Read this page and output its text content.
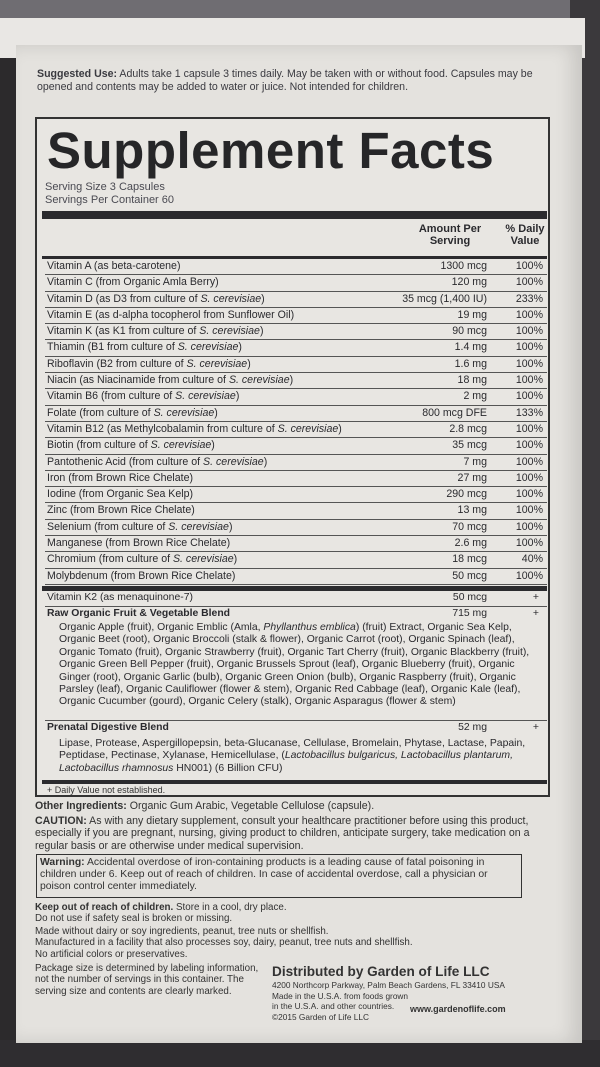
Suggested Use: Adults take 1 capsule 3 times daily. May be taken with or without food. Capsules may be opened and contents may be added to water or juice. Not intended for children.
Supplement Facts
Serving Size 3 Capsules
Servings Per Container 60
Amount Per Serving
% Daily Value
Vitamin A (as beta-carotene)	1300 mcg	100%
Vitamin C (from Organic Amla Berry)	120 mg	100%
Vitamin D (as D3 from culture of S. cerevisiae)	35 mcg (1,400 IU)	233%
Vitamin E (as d-alpha tocopherol from Sunflower Oil)	19 mg	100%
Vitamin K (as K1 from culture of S. cerevisiae)	90 mcg	100%
Thiamin (B1 from culture of S. cerevisiae)	1.4 mg	100%
Riboflavin (B2 from culture of S. cerevisiae)	1.6 mg	100%
Niacin (as Niacinamide from culture of S. cerevisiae)	18 mg	100%
Vitamin B6 (from culture of S. cerevisiae)	2 mg	100%
Folate (from culture of S. cerevisiae)	800 mcg DFE	133%
Vitamin B12 (as Methylcobalamin from culture of S. cerevisiae)	2.8 mcg	100%
Biotin (from culture of S. cerevisiae)	35 mcg	100%
Pantothenic Acid (from culture of S. cerevisiae)	7 mg	100%
Iron (from Brown Rice Chelate)	27 mg	100%
Iodine (from Organic Sea Kelp)	290 mcg	100%
Zinc (from Brown Rice Chelate)	13 mg	100%
Selenium (from culture of S. cerevisiae)	70 mcg	100%
Manganese (from Brown Rice Chelate)	2.6 mg	100%
Chromium (from culture of S. cerevisiae)	18 mcg	40%
Molybdenum (from Brown Rice Chelate)	50 mcg	100%
Vitamin K2 (as menaquinone-7)	50 mcg	+
Raw Organic Fruit & Vegetable Blend	715 mg	+
Organic Apple (fruit), Organic Emblic (Amla, Phyllanthus emblica) (fruit) Extract, Organic Sea Kelp, Organic Beet (root), Organic Broccoli (stalk & flower), Organic Carrot (root), Organic Spinach (leaf), Organic Tomato (fruit), Organic Strawberry (fruit), Organic Tart Cherry (fruit), Organic Blackberry (fruit), Organic Green Bell Pepper (fruit), Organic Brussels Sprout (leaf), Organic Blueberry (fruit), Organic Ginger (root), Organic Garlic (bulb), Organic Green Onion (bulb), Organic Raspberry (fruit), Organic Parsley (leaf), Organic Cauliflower (flower & stem), Organic Red Cabbage (leaf), Organic Kale (leaf), Organic Cucumber (gourd), Organic Celery (stalk), Organic Asparagus (flower & stem)
Prenatal Digestive Blend	52 mg	+
Lipase, Protease, Aspergillopepsin, beta-Glucanase, Cellulase, Bromelain, Phytase, Lactase, Papain, Peptidase, Pectinase, Xylanase, Hemicellulase, (Lactobacillus bulgaricus, Lactobacillus plantarum, Lactobacillus rhamnosus HN001) (6 Billion CFU)
+ Daily Value not established.
Other Ingredients: Organic Gum Arabic, Vegetable Cellulose (capsule).
CAUTION: As with any dietary supplement, consult your healthcare practitioner before using this product, especially if you are pregnant, nursing, giving product to children, anticipate surgery, take medication on a regular basis or are otherwise under medical supervision.
Warning: Accidental overdose of iron-containing products is a leading cause of fatal poisoning in children under 6. Keep out of reach of children. In case of accidental overdose, call a physician or poison control center immediately.
Keep out of reach of children. Store in a cool, dry place.
Do not use if safety seal is broken or missing.
Made without dairy or soy ingredients, peanut, tree nuts or shellfish.
Manufactured in a facility that also processes soy, dairy, peanut, tree nuts and shellfish.
No artificial colors or preservatives.
Package size is determined by labeling information, not the number of servings in this container. The serving size and contents are clearly marked.
Distributed by Garden of Life LLC
4200 Northcorp Parkway, Palm Beach Gardens, FL 33410 USA
Made in the U.S.A. from foods grown in the U.S.A. and other countries.
©2015 Garden of Life LLC
www.gardenoflife.com
